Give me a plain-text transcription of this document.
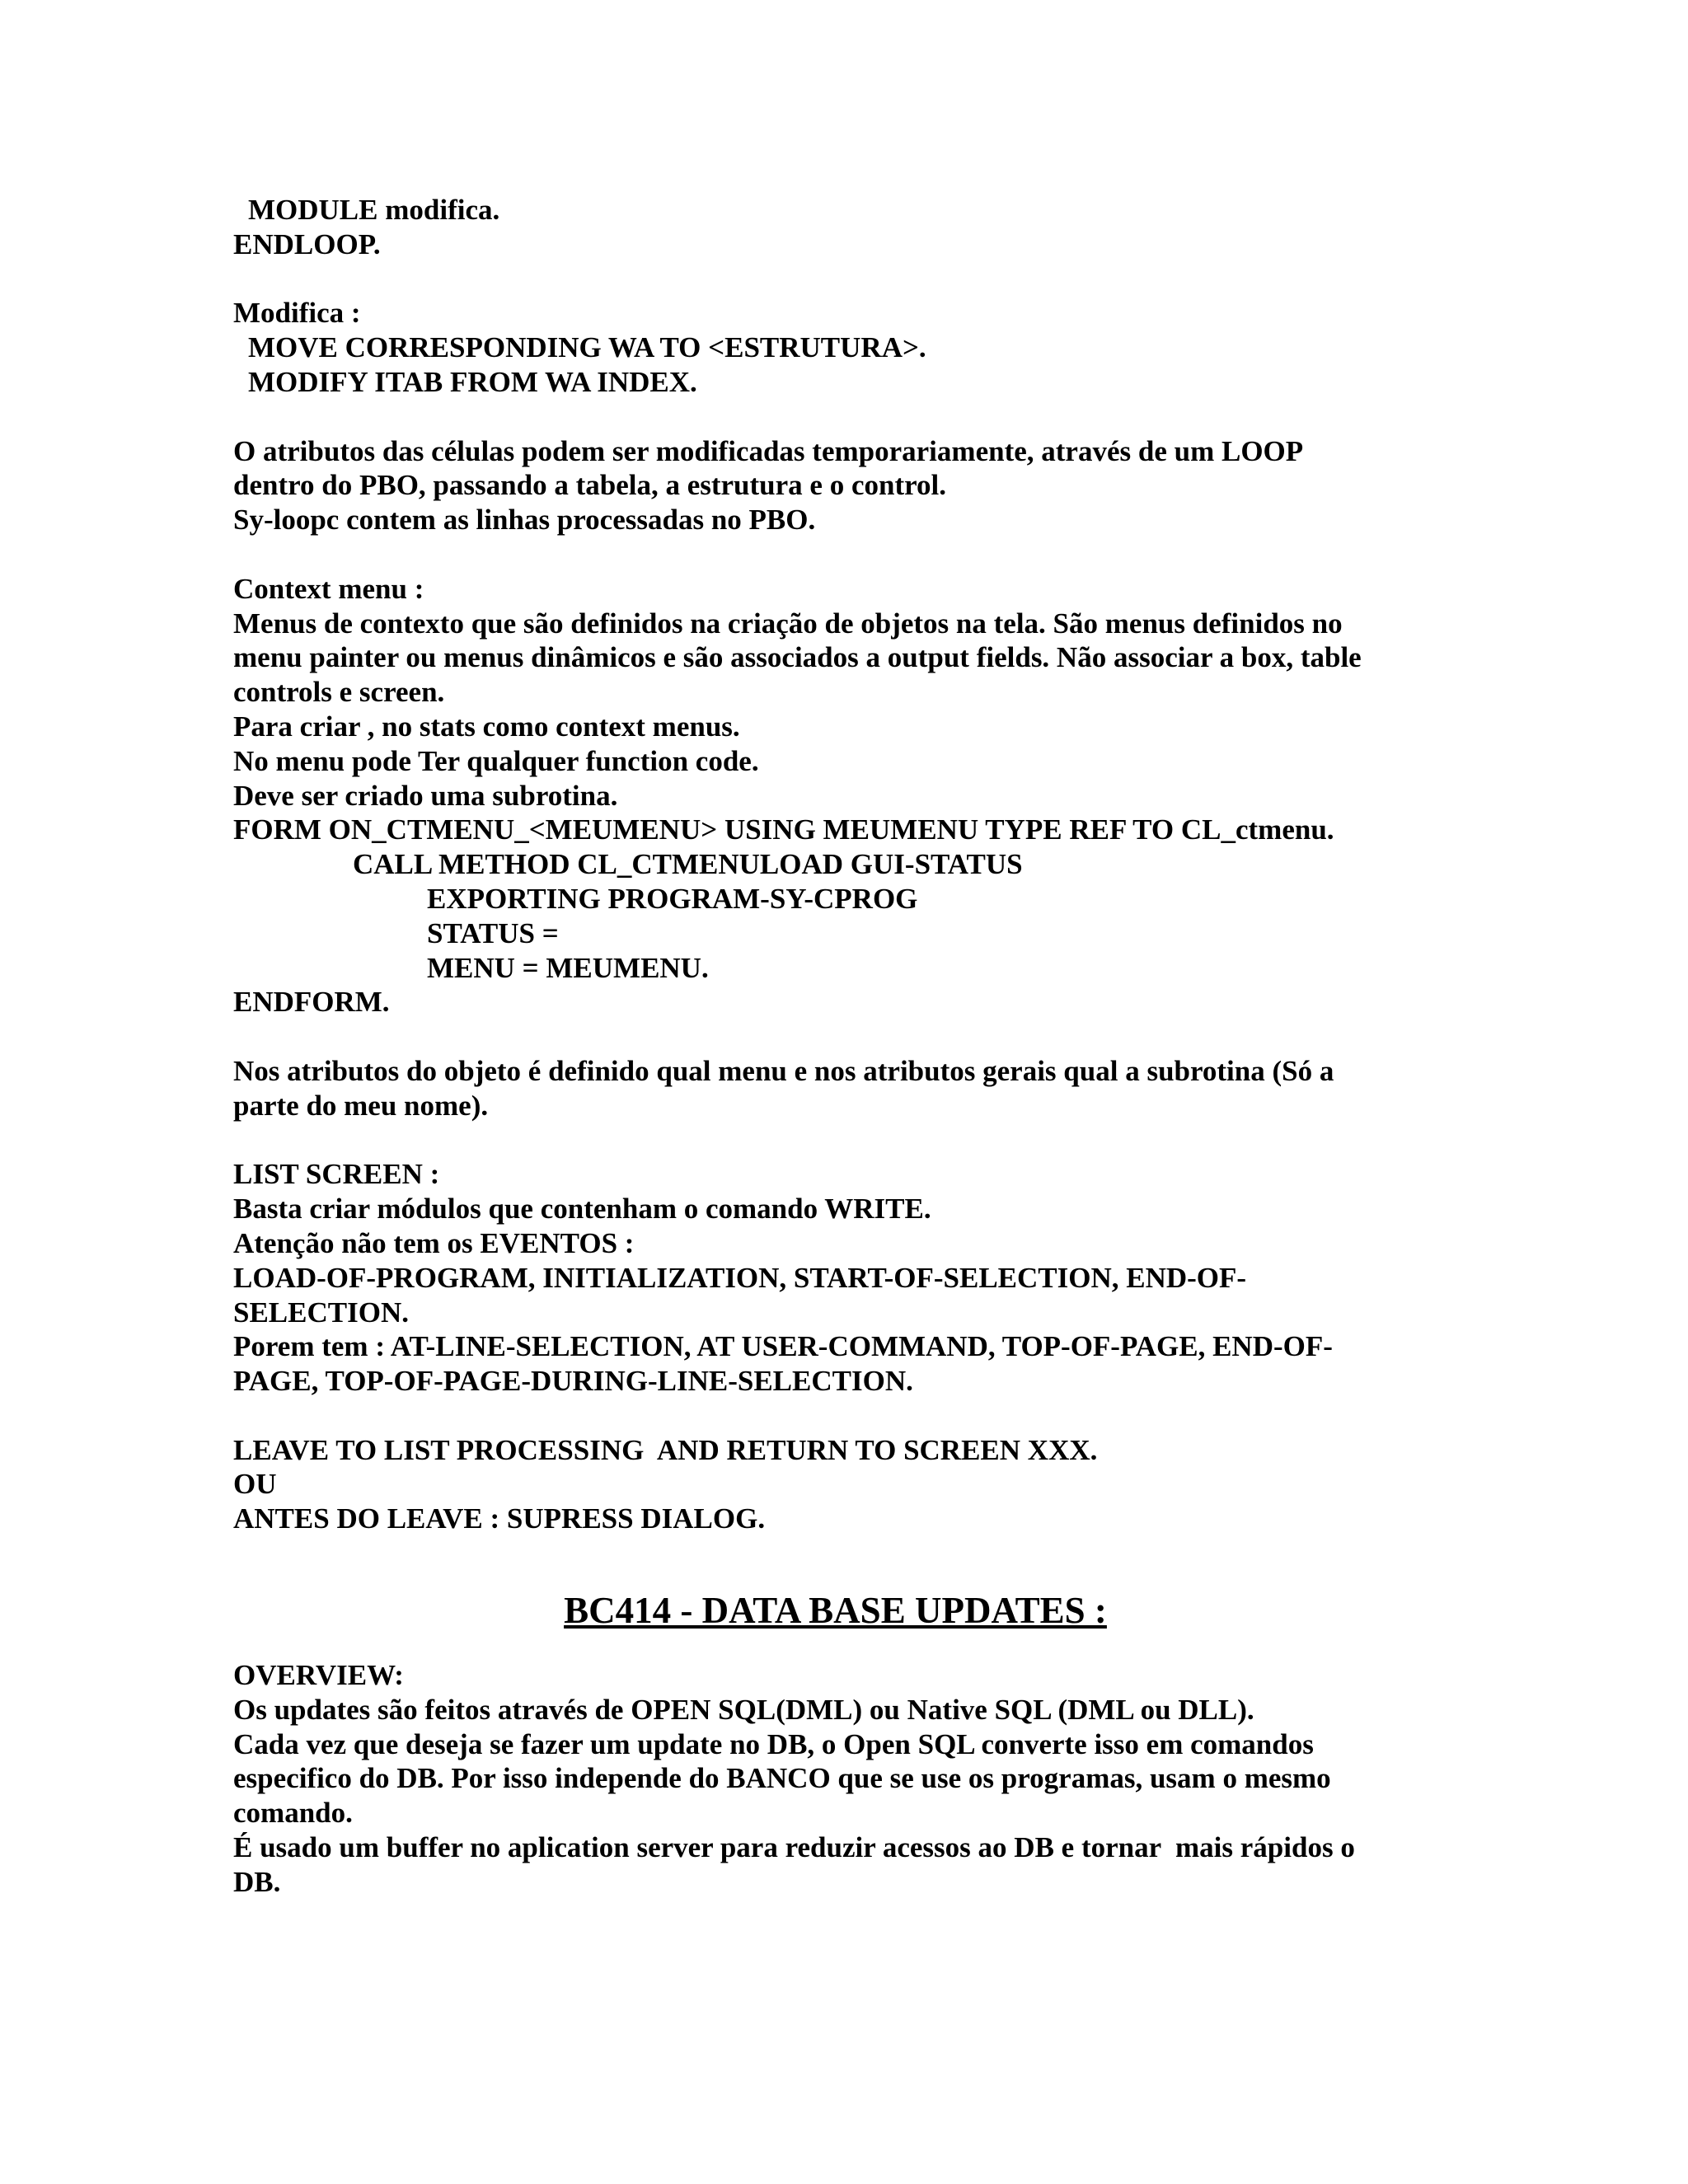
MODULE modifica.
ENDLOOP.
Modifica :
MOVE CORRESPONDING WA TO <ESTRUTURA>.
MODIFY ITAB FROM WA INDEX.
O atributos das células podem ser modificadas temporariamente, através de um LOOP
dentro do PBO, passando a tabela, a estrutura e o control.
Sy-loopc contem as linhas processadas no PBO.
Context menu :
Menus de contexto que são definidos na criação de objetos na tela. São menus definidos no
menu painter ou menus dinâmicos e são associados a output fields. Não associar a box, table
controls e screen.
Para criar , no stats como context menus.
No menu pode Ter qualquer function code.
Deve ser criado uma subrotina.
FORM ON_CTMENU_<MEUMENU> USING MEUMENU TYPE REF TO CL_ctmenu.
CALL METHOD CL_CTMENULOAD GUI-STATUS
EXPORTING PROGRAM-SY-CPROG
STATUS =
MENU = MEUMENU.
ENDFORM.
Nos atributos do objeto é definido qual menu e nos atributos gerais qual a subrotina (Só a
parte do meu nome).
LIST SCREEN :
Basta criar módulos que contenham o comando WRITE.
Atenção não tem os EVENTOS :
LOAD-OF-PROGRAM, INITIALIZATION, START-OF-SELECTION, END-OF-
SELECTION.
Porem tem : AT-LINE-SELECTION, AT USER-COMMAND, TOP-OF-PAGE, END-OF-
PAGE, TOP-OF-PAGE-DURING-LINE-SELECTION.
LEAVE TO LIST PROCESSING  AND RETURN TO SCREEN XXX.
OU
ANTES DO LEAVE : SUPRESS DIALOG.
BC414 - DATA BASE UPDATES :
OVERVIEW:
Os updates são feitos através de OPEN SQL(DML) ou Native SQL (DML ou DLL).
Cada vez que deseja se fazer um update no DB, o Open SQL converte isso em comandos
especifico do DB. Por isso independe do BANCO que se use os programas, usam o mesmo
comando.
É usado um buffer no aplication server para reduzir acessos ao DB e tornar  mais rápidos o
DB.
